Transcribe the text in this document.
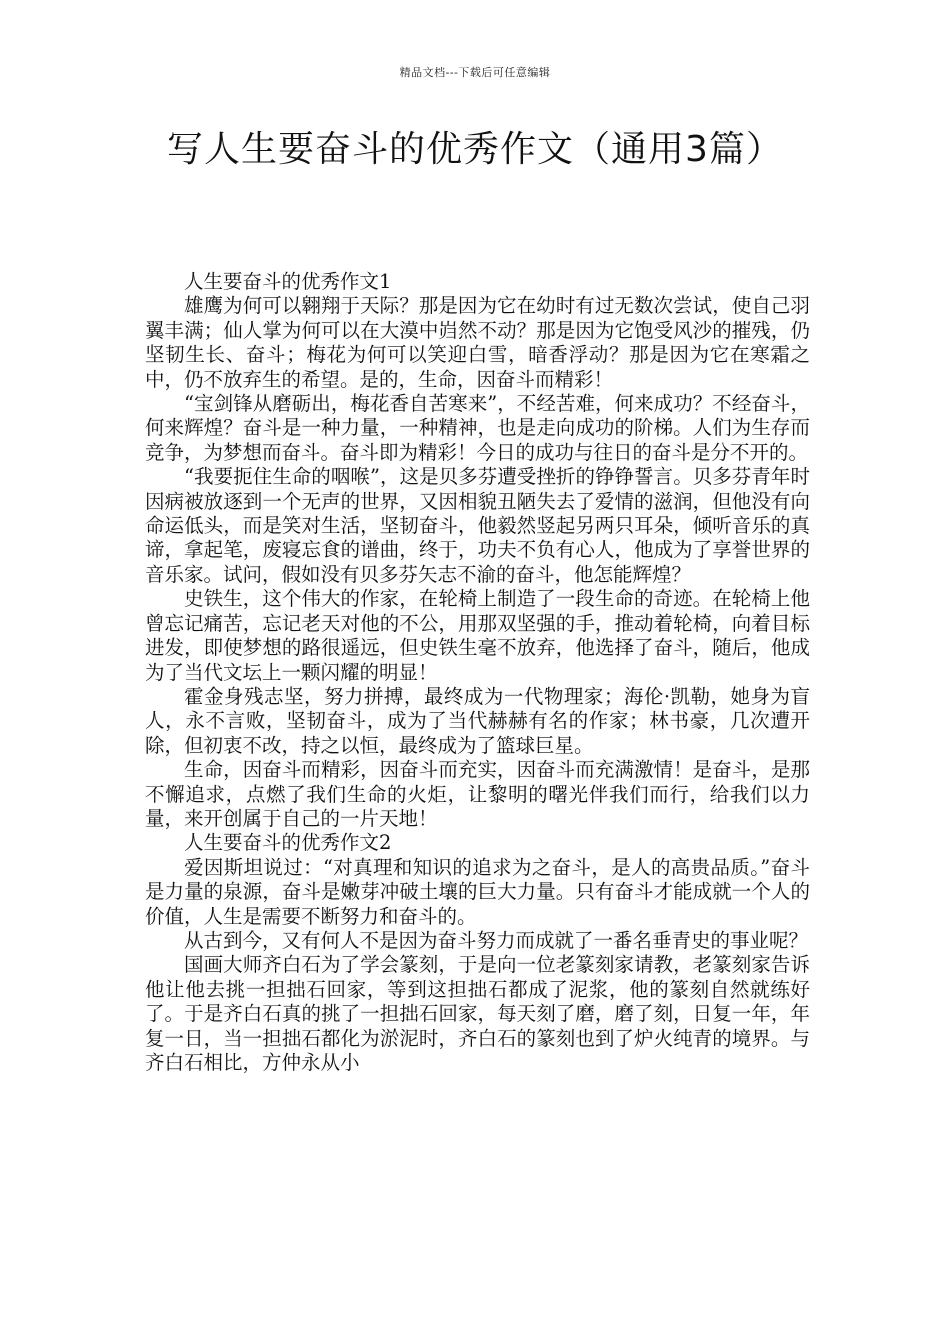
精品文档---下载后可任意编辑
写人生要奋斗的优秀作文（通用3篇）

人生要奋斗的优秀作文1

雄鹰为何可以翱翔于天际？那是因为它在幼时有过无数次尝试，使自己羽翼丰满；仙人掌为何可以在大漠中岿然不动？那是因为它饱受风沙的摧残，仍坚韧生长、奋斗；梅花为何可以笑迎白雪，暗香浮动？那是因为它在寒霜之中，仍不放弃生的希望。是的，生命，因奋斗而精彩！

“宝剑锋从磨砺出，梅花香自苦寒来”，不经苦难，何来成功？不经奋斗，何来辉煌？奋斗是一种力量，一种精神，也是走向成功的阶梯。人们为生存而竞争，为梦想而奋斗。奋斗即为精彩！今日的成功与往日的奋斗是分不开的。

“我要扼住生命的咽喉”，这是贝多芬遭受挫折的铮铮誓言。贝多芬青年时因病被放逐到一个无声的世界，又因相貌丑陋失去了爱情的滋润，但他没有向命运低头，而是笑对生活，坚韧奋斗，他毅然竖起另两只耳朵，倾听音乐的真谛，拿起笔，废寝忘食的谱曲，终于，功夫不负有心人，他成为了享誉世界的音乐家。试问，假如没有贝多芬矢志不渝的奋斗，他怎能辉煌？

史铁生，这个伟大的作家，在轮椅上制造了一段生命的奇迹。在轮椅上他曾忘记痛苦，忘记老天对他的不公，用那双坚强的手，推动着轮椅，向着目标进发，即使梦想的路很遥远，但史铁生毫不放弃，他选择了奋斗，随后，他成为了当代文坛上一颗闪耀的明显！

霍金身残志坚，努力拼搏，最终成为一代物理家；海伦·凯勒，她身为盲人，永不言败，坚韧奋斗，成为了当代赫赫有名的作家；林书豪，几次遭开除，但初衷不改，持之以恒，最终成为了篮球巨星。

生命，因奋斗而精彩，因奋斗而充实，因奋斗而充满激情！是奋斗，是那不懈追求，点燃了我们生命的火炬，让黎明的曙光伴我们而行，给我们以力量，来开创属于自己的一片天地！

人生要奋斗的优秀作文2

爱因斯坦说过：“对真理和知识的追求为之奋斗，是人的高贵品质。”奋斗是力量的泉源，奋斗是嫩芽冲破土壤的巨大力量。只有奋斗才能成就一个人的价值，人生是需要不断努力和奋斗的。

从古到今，又有何人不是因为奋斗努力而成就了一番名垂青史的事业呢？

国画大师齐白石为了学会篆刻，于是向一位老篆刻家请教，老篆刻家告诉他让他去挑一担拙石回家，等到这担拙石都成了泥浆，他的篆刻自然就练好了。于是齐白石真的挑了一担拙石回家，每天刻了磨，磨了刻，日复一年，年复一日，当一担拙石都化为淤泥时，齐白石的篆刻也到了炉火纯青的境界。与齐白石相比，方仲永从小
